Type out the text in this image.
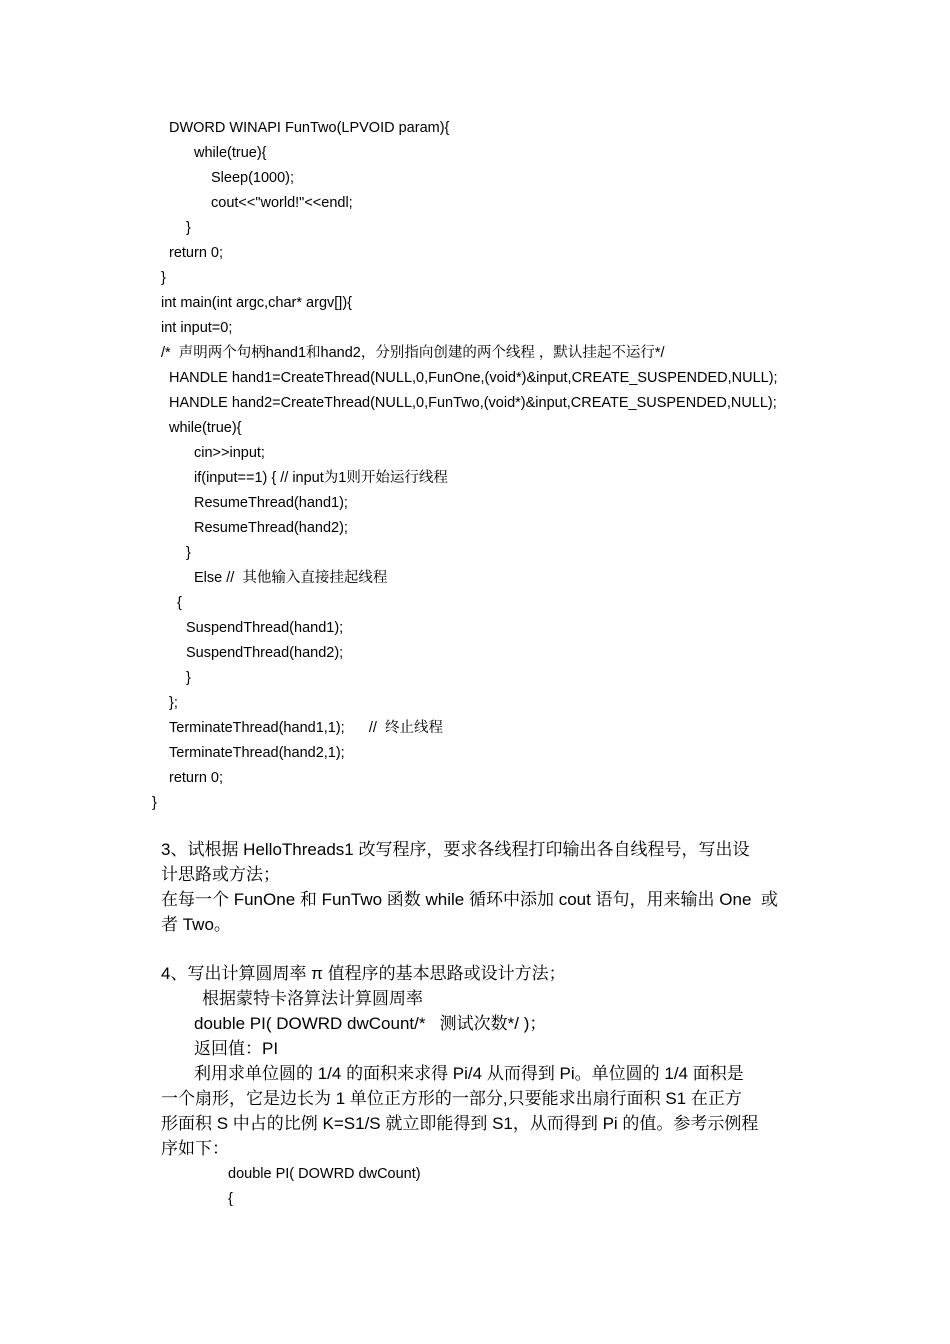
DWORD WINAPI FunTwo(LPVOID param){
while(true){
Sleep(1000);
cout<<"world!"<<endl;
}
return 0;
}
int main(int argc,char* argv[]){
int input=0;
/*  声明两个句柄hand1和hand2，分别指向创建的两个线程 ，默认挂起不运行*/
HANDLE hand1=CreateThread(NULL,0,FunOne,(void*)&input,CREATE_SUSPENDED,NULL);
HANDLE hand2=CreateThread(NULL,0,FunTwo,(void*)&input,CREATE_SUSPENDED,NULL);
while(true){
cin>>input;
if(input==1) { // input为1则开始运行线程
ResumeThread(hand1);
ResumeThread(hand2);
}
Else //  其他输入直接挂起线程
{
SuspendThread(hand1);
SuspendThread(hand2);
}
};
TerminateThread(hand1,1);      //  终止线程
TerminateThread(hand2,1);
return 0;
}
3、试根据 HelloThreads1 改写程序，要求各线程打印输出各自线程号，写出设
计思路或方法；
在每一个 FunOne 和 FunTwo 函数 while 循环中添加 cout 语句，用来输出 One  或
者 Two。
4、写出计算圆周率 π 值程序的基本思路或设计方法；
根据蒙特卡洛算法计算圆周率
double PI( DOWRD dwCount/*   测试次数*/ )；
返回值：PI
利用求单位圆的 1/4 的面积来求得 Pi/4 从而得到 Pi。单位圆的 1/4 面积是
一个扇形，它是边长为 1 单位正方形的一部分,只要能求出扇行面积 S1 在正方
形面积 S 中占的比例 K=S1/S 就立即能得到 S1，从而得到 Pi 的值。参考示例程
序如下：
double PI( DOWRD dwCount)
{
